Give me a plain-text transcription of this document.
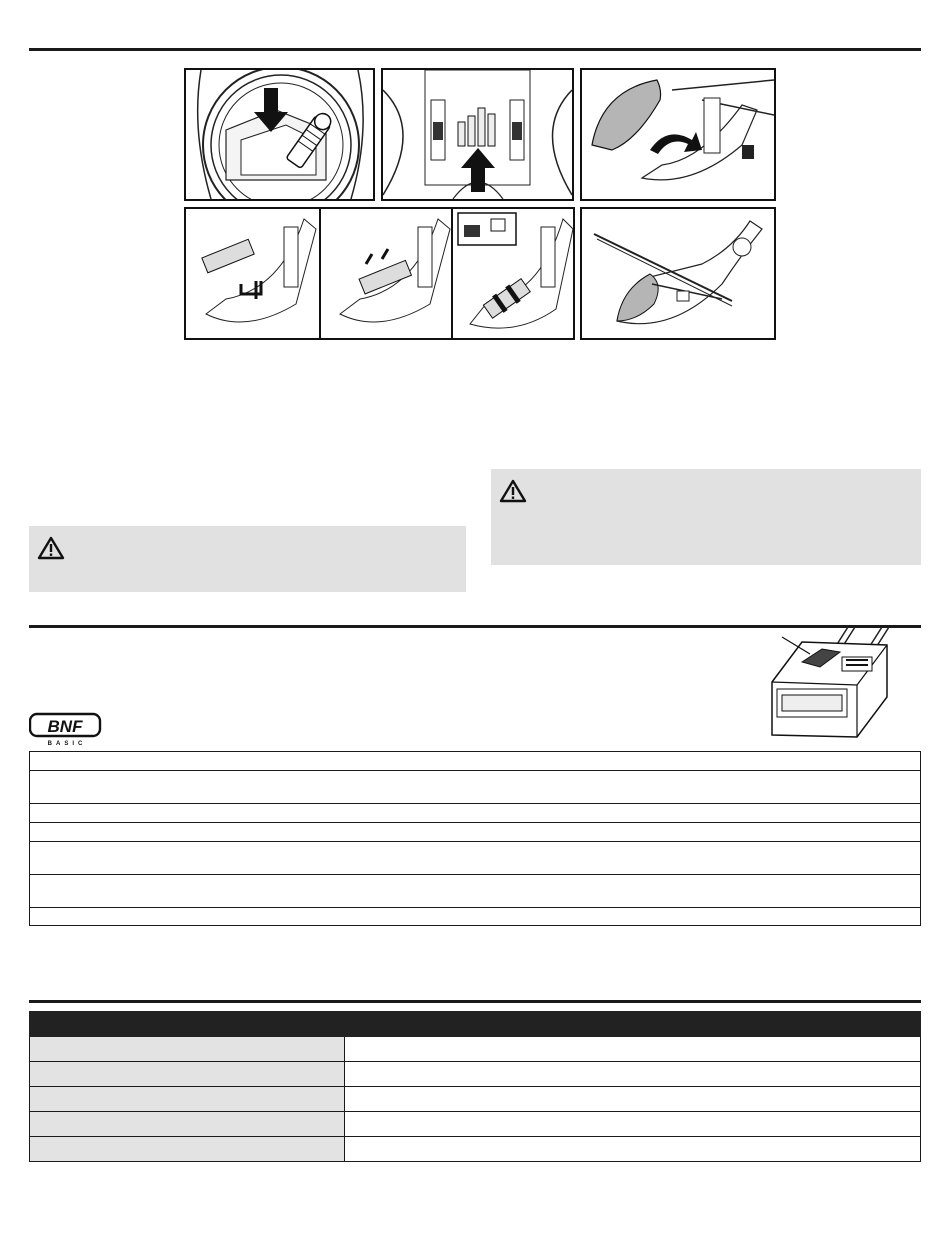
BNF
BASIC
